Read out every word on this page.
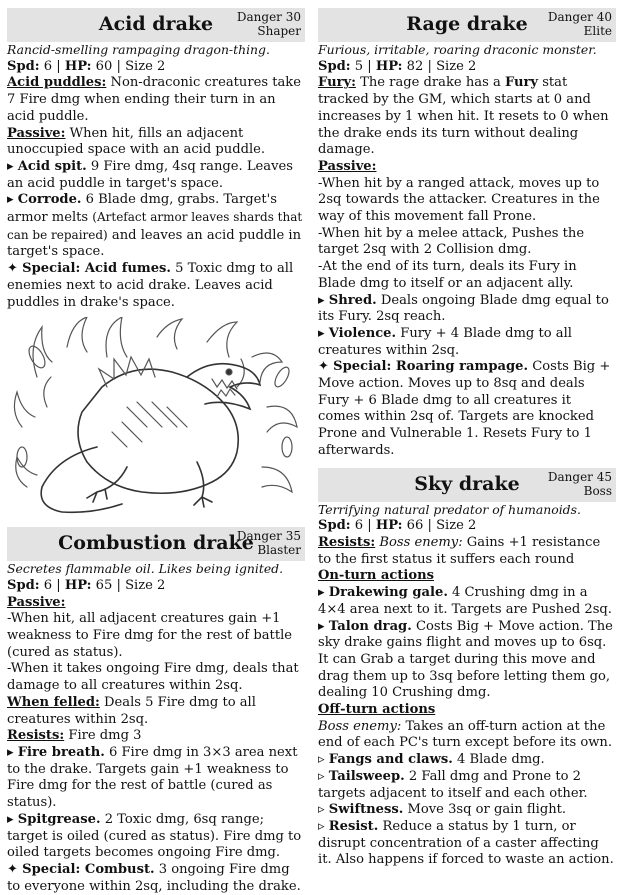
Acid drake	Danger 30
Shaper

Rancid-smelling rampaging dragon-thing.

Spd: 6 | HP: 60 | Size 2

Acid puddles: Non-draconic creatures take 7 Fire dmg when ending their turn in an acid puddle.

Passive: When hit, fills an adjacent unoccupied space with an acid puddle.

▸ Acid spit. 9 Fire dmg, 4sq range. Leaves an acid puddle in target's space.

▸ Corrode. 6 Blade dmg, grabs. Target's armor melts (Artefact armor leaves shards that can be repaired) and leaves an acid puddle in target's space.

✦ Special: Acid fumes. 5 Toxic dmg to all enemies next to acid drake. Leaves acid puddles in drake's space.

Combustion drake
Danger 35
Blaster

Secretes flammable oil. Likes being ignited.

Spd: 6 | HP: 65 | Size 2

Passive:

-When hit, all adjacent creatures gain +1 weakness to Fire dmg for the rest of battle (cured as status).

-When it takes ongoing Fire dmg, deals that damage to all creatures within 2sq.

When felled: Deals 5 Fire dmg to all creatures within 2sq.

Resists: Fire dmg 3

▸ Fire breath. 6 Fire dmg in 3×3 area next to the drake. Targets gain +1 weakness to Fire dmg for the rest of battle (cured as status).

▸ Spitgrease. 2 Toxic dmg, 6sq range; target is oiled (cured as status). Fire dmg to oiled targets becomes ongoing Fire dmg.

✦ Special: Combust. 3 ongoing Fire dmg to everyone within 2sq, including the drake.

Rage drake	Danger 40
Elite

Furious, irritable, roaring draconic monster.

Spd: 5 | HP: 82 | Size 2

Fury: The rage drake has a Fury stat tracked by the GM, which starts at 0 and increases by 1 when hit. It resets to 0 when the drake ends its turn without dealing damage.

Passive:

-When hit by a ranged attack, moves up to 2sq towards the attacker. Creatures in the way of this movement fall Prone.

-When hit by a melee attack, Pushes the target 2sq with 2 Collision dmg.

-At the end of its turn, deals its Fury in Blade dmg to itself or an adjacent ally.

▸ Shred. Deals ongoing Blade dmg equal to its Fury. 2sq reach.

▸ Violence. Fury + 4 Blade dmg to all creatures within 2sq.

✦ Special: Roaring rampage. Costs Big + Move action. Moves up to 8sq and deals Fury + 6 Blade dmg to all creatures it comes within 2sq of. Targets are knocked Prone and Vulnerable 1. Resets Fury to 1 afterwards.

Sky drake	Danger 45
Boss

Terrifying natural predator of humanoids.

Spd: 6 | HP: 66 | Size 2

Resists: Boss enemy: Gains +1 resistance to the first status it suffers each round

On-turn actions

▸ Drakewing gale. 4 Crushing dmg in a 4×4 area next to it. Targets are Pushed 2sq.

▸ Talon drag. Costs Big + Move action. The sky drake gains flight and moves up to 6sq. It can Grab a target during this move and drag them up to 3sq before letting them go, dealing 10 Crushing dmg.

Off-turn actions

Boss enemy: Takes an off-turn action at the end of each PC's turn except before its own.

▹ Fangs and claws. 4 Blade dmg.

▹ Tailsweep. 2 Fall dmg and Prone to 2 targets adjacent to itself and each other.

▹ Swiftness. Move 3sq or gain flight.

▹ Resist. Reduce a status by 1 turn, or disrupt concentration of a caster affecting it. Also happens if forced to waste an action.
